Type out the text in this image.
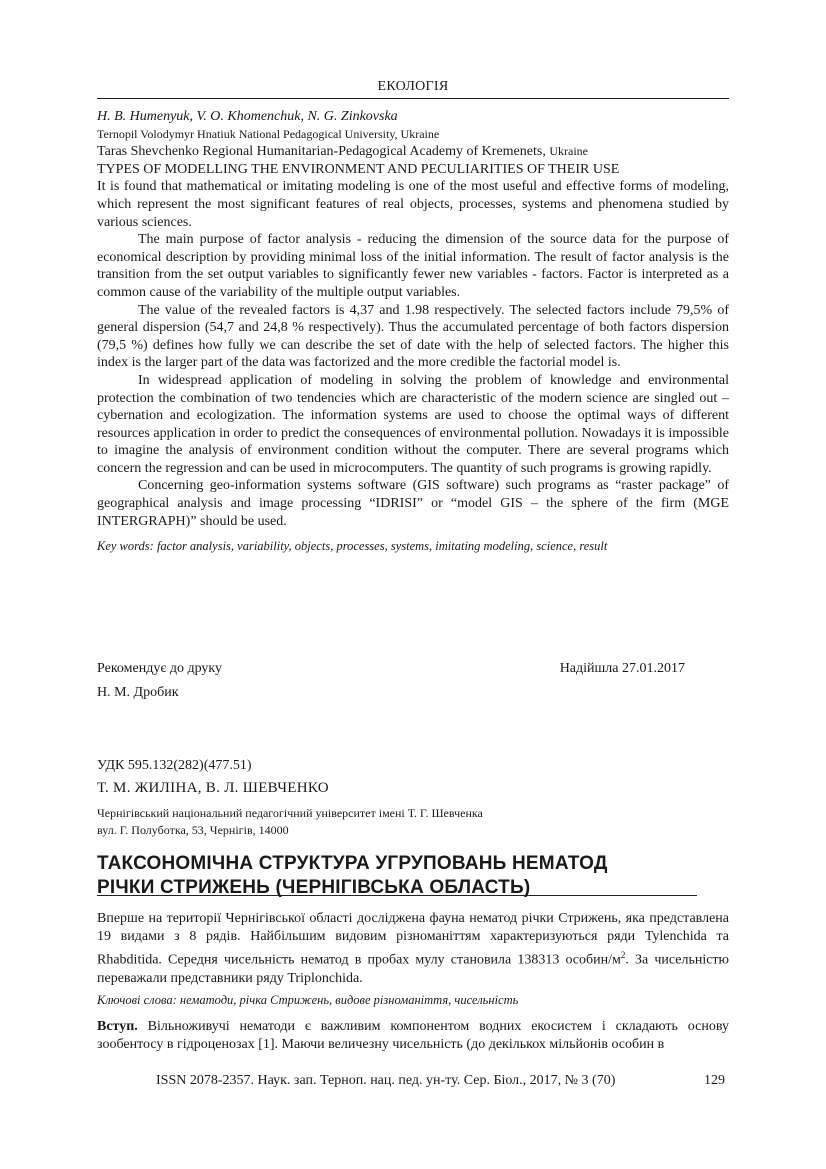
ЕКОЛОГІЯ
H. B. Humenyuk, V. O. Khomenchuk, N. G. Zinkovska
Ternopil Volodymyr Hnatiuk National Pedagogical University, Ukraine
Taras Shevchenko Regional Humanitarian-Pedagogical Academy of Kremenets, Ukraine
TYPES OF MODELLING THE ENVIRONMENT AND PECULIARITIES OF THEIR USE

It is found that mathematical or imitating modeling is one of the most useful and effective forms of modeling, which represent the most significant features of real objects, processes, systems and phenomena studied by various sciences.

The main purpose of factor analysis - reducing the dimension of the source data for the purpose of economical description by providing minimal loss of the initial information. The result of factor analysis is the transition from the set output variables to significantly fewer new variables - factors. Factor is interpreted as a common cause of the variability of the multiple output variables.

The value of the revealed factors is 4,37 and 1.98 respectively. The selected factors include 79,5% of general dispersion (54,7 and 24,8 % respectively). Thus the accumulated percentage of both factors dispersion (79,5 %) defines how fully we can describe the set of date with the help of selected factors. The higher this index is the larger part of the data was factorized and the more credible the factorial model is.

In widespread application of modeling in solving the problem of knowledge and environmental protection the combination of two tendencies which are characteristic of the modern science are singled out – cybernation and ecologization. The information systems are used to choose the optimal ways of different resources application in order to predict the consequences of environmental pollution. Nowadays it is impossible to imagine the analysis of environment condition without the computer. There are several programs which concern the regression and can be used in microcomputers. The quantity of such programs is growing rapidly.

Concerning geo-information systems software (GIS software) such programs as “raster package” of geographical analysis and image processing “IDRISI” or “model GIS – the sphere of the firm (MGE INTERGRAPH)” should be used.

Key words: factor analysis, variability, objects, processes, systems, imitating modeling, science, result
Рекомендує до друку
Н. М. Дробик
Надійшла 27.01.2017
УДК 595.132(282)(477.51)
Т. М. ЖИЛІНА, В. Л. ШЕВЧЕНКО
Чернігівський національний педагогічний університет імені Т. Г. Шевченка
вул. Г. Полуботка, 53, Чернігів, 14000
ТАКСОНОМІЧНА СТРУКТУРА УГРУПОВАНЬ НЕМАТОД
РІЧКИ СТРИЖЕНЬ (ЧЕРНІГІВСЬКА ОБЛАСТЬ)

Вперше на території Чернігівської області досліджена фауна нематод річки Стрижень, яка представлена 19 видами з 8 рядів. Найбільшим видовим різноманіттям характеризуються ряди Tylenchida та Rhabditida. Середня чисельність нематод в пробах мулу становила 138313 особин/$м^2$. За чисельністю переважали представники ряду Triplonchida.

Ключові слова: нематоди, річка Стрижень, видове різноманіття, чисельність

Вступ. Вільноживучі нематоди є важливим компонентом водних екосистем і складають основу зообентосу в гідроценозах [1]. Маючи величезну чисельність (до декількох мільйонів особин в

ISSN 2078-2357. Наук. зап. Терноп. нац. пед. ун-ту. Сер. Біол., 2017, № 3 (70)	129
